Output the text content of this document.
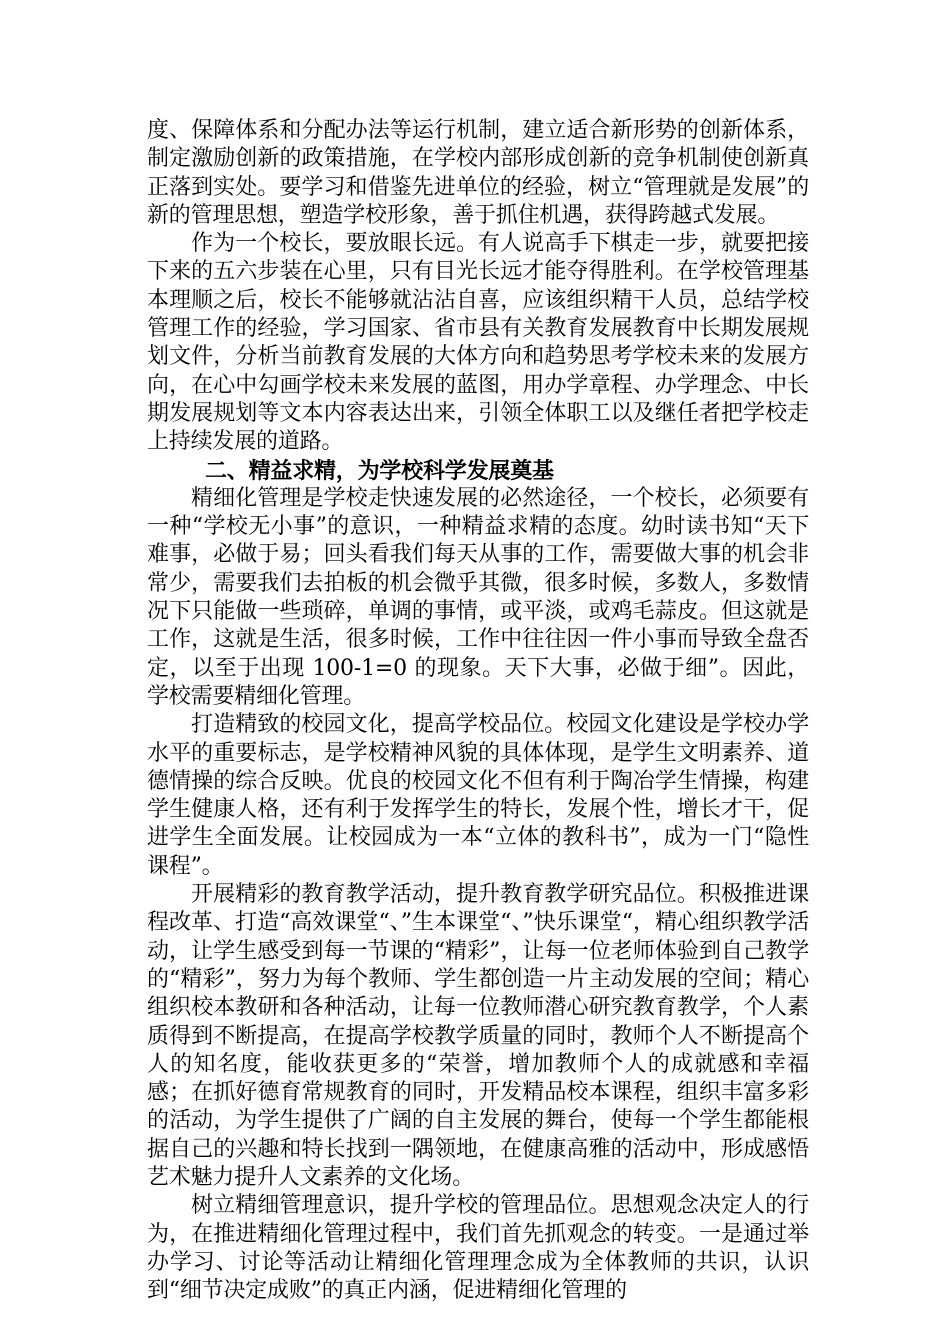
度、保障体系和分配办法等运行机制，建立适合新形势的创新体系，制定激励创新的政策措施，在学校内部形成创新的竞争机制使创新真正落到实处。要学习和借鉴先进单位的经验，树立“管理就是发展”的新的管理思想，塑造学校形象，善于抓住机遇，获得跨越式发展。

作为一个校长，要放眼长远。有人说高手下棋走一步，就要把接下来的五六步装在心里，只有目光长远才能夺得胜利。在学校管理基本理顺之后，校长不能够就沾沾自喜，应该组织精干人员，总结学校管理工作的经验，学习国家、省市县有关教育发展教育中长期发展规划文件，分析当前教育发展的大体方向和趋势思考学校未来的发展方向，在心中勾画学校未来发展的蓝图，用办学章程、办学理念、中长期发展规划等文本内容表达出来，引领全体职工以及继任者把学校走上持续发展的道路。

二、精益求精，为学校科学发展奠基

精细化管理是学校走快速发展的必然途径，一个校长，必须要有一种“学校无小事”的意识，一种精益求精的态度。幼时读书知“天下难事，必做于易；回头看我们每天从事的工作，需要做大事的机会非常少，需要我们去拍板的机会微乎其微，很多时候，多数人，多数情况下只能做一些琐碎，单调的事情，或平淡，或鸡毛蒜皮。但这就是工作，这就是生活，很多时候，工作中往往因一件小事而导致全盘否定，以至于出现 100-1=0 的现象。天下大事，必做于细”。因此，学校需要精细化管理。

打造精致的校园文化，提高学校品位。校园文化建设是学校办学水平的重要标志，是学校精神风貌的具体体现，是学生文明素养、道德情操的综合反映。优良的校园文化不但有利于陶冶学生情操，构建学生健康人格，还有利于发挥学生的特长，发展个性，增长才干，促进学生全面发展。让校园成为一本“立体的教科书”，成为一门“隐性课程”。

开展精彩的教育教学活动，提升教育教学研究品位。积极推进课程改革、打造“高效课堂“、”生本课堂“、”快乐课堂“，精心组织教学活动，让学生感受到每一节课的“精彩”，让每一位老师体验到自己教学的“精彩”，努力为每个教师、学生都创造一片主动发展的空间；精心组织校本教研和各种活动，让每一位教师潜心研究教育教学，个人素质得到不断提高，在提高学校教学质量的同时，教师个人不断提高个人的知名度，能收获更多的“荣誉，增加教师个人的成就感和幸福感；在抓好德育常规教育的同时，开发精品校本课程，组织丰富多彩的活动，为学生提供了广阔的自主发展的舞台，使每一个学生都能根据自己的兴趣和特长找到一隅领地，在健康高雅的活动中，形成感悟艺术魅力提升人文素养的文化场。

树立精细管理意识，提升学校的管理品位。思想观念决定人的行为，在推进精细化管理过程中，我们首先抓观念的转变。一是通过举办学习、讨论等活动让精细化管理理念成为全体教师的共识，认识到“细节决定成败”的真正内涵，促进精细化管理的
